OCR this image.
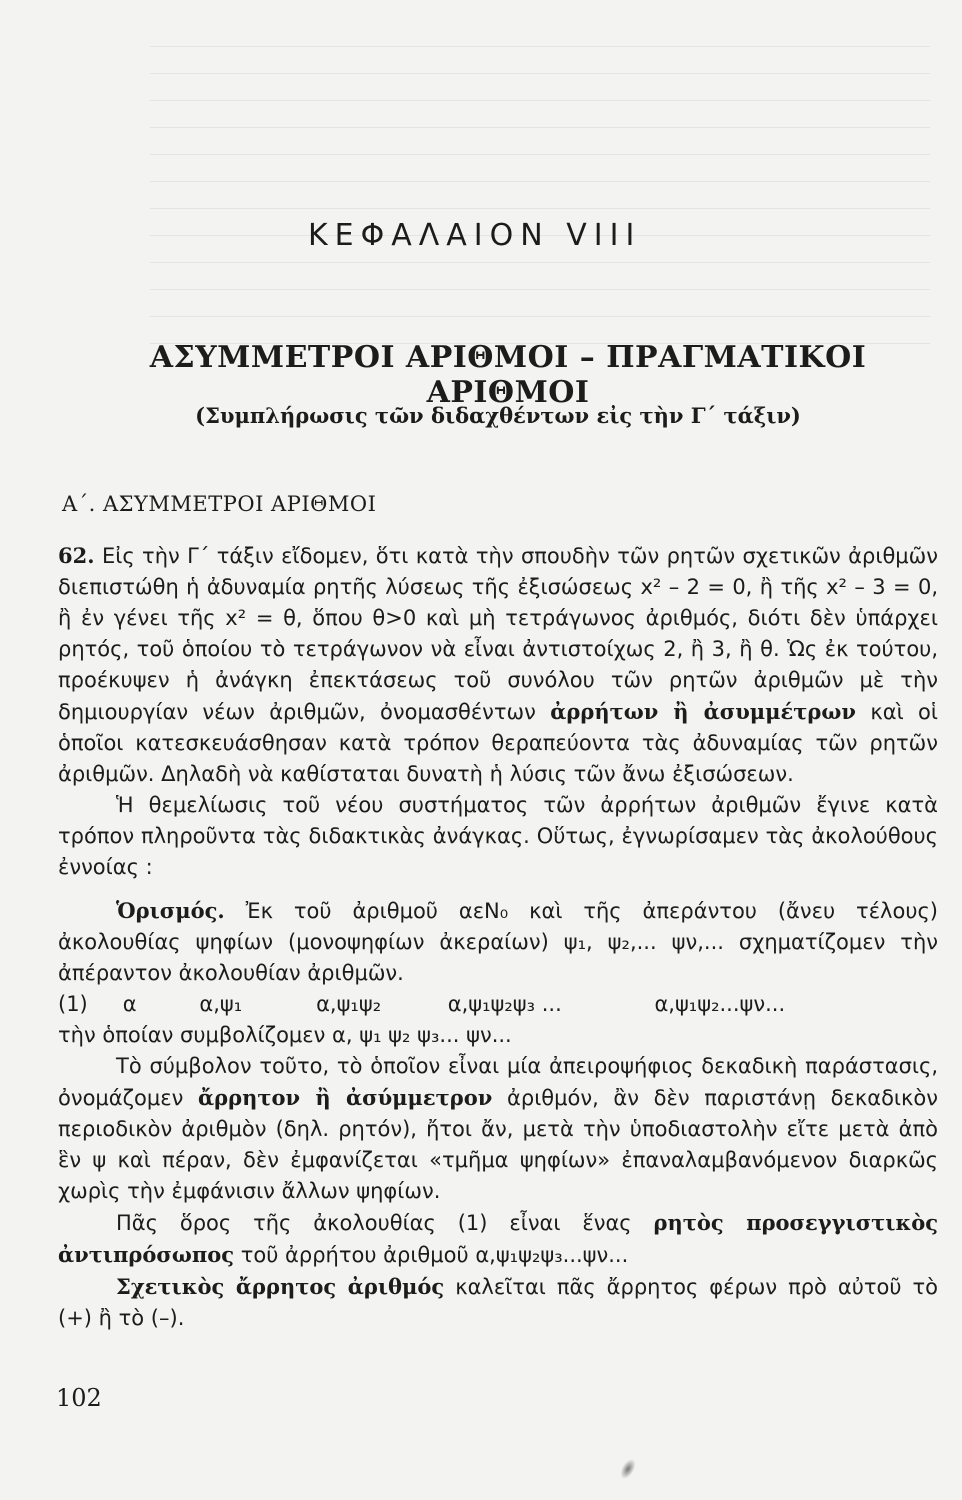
ΚΕΦΑΛΑΙΟΝ VIII
ΑΣΥΜΜΕΤΡΟΙ ΑΡΙΘΜΟΙ – ΠΡΑΓΜΑΤΙΚΟΙ ΑΡΙΘΜΟΙ
(Συμπλήρωσις τῶν διδαχθέντων εἰς τὴν Γ΄ τάξιν)
Α΄. ΑΣΥΜΜΕΤΡΟΙ ΑΡΙΘΜΟΙ

62. Εἰς τὴν Γ΄ τάξιν εἴδομεν, ὅτι κατὰ τὴν σπουδὴν τῶν ρητῶν σχετικῶν ἀριθμῶν διεπιστώθη ἡ ἀδυναμία ρητῆς λύσεως τῆς ἐξισώσεως x² – 2 = 0, ἢ τῆς x² – 3 = 0, ἢ ἐν γένει τῆς x² = θ, ὅπου θ>0 καὶ μὴ τετράγωνος ἀριθμός, διότι δὲν ὑπάρχει ρητός, τοῦ ὁποίου τὸ τετράγωνον νὰ εἶναι ἀντιστοίχως 2, ἢ 3, ἢ θ. Ὡς ἐκ τούτου, προέκυψεν ἡ ἀνάγκη ἐπεκτάσεως τοῦ συνόλου τῶν ρητῶν ἀριθμῶν μὲ τὴν δημιουργίαν νέων ἀριθμῶν, ὀνομασθέντων ἀρρήτων ἢ ἀσυμμέτρων καὶ οἱ ὁποῖοι κατεσκευάσθησαν κατὰ τρόπον θεραπεύοντα τὰς ἀδυναμίας τῶν ρητῶν ἀριθμῶν. Δηλαδὴ νὰ καθίσταται δυνατὴ ἡ λύσις τῶν ἄνω ἐξισώσεων.

Ἡ θεμελίωσις τοῦ νέου συστήματος τῶν ἀρρήτων ἀριθμῶν ἔγινε κατὰ τρόπον πληροῦντα τὰς διδακτικὰς ἀνάγκας. Οὕτως, ἐγνωρίσαμεν τὰς ἀκολούθους ἐννοίας :

Ὁρισμός. Ἐκ τοῦ ἀριθμοῦ αεN₀ καὶ τῆς ἀπεράντου (ἄνευ τέλους) ἀκολουθίας ψηφίων (μονοψηφίων ἀκεραίων) ψ₁, ψ₂,... ψν,... σχηματίζομεν τὴν ἀπέραντον ἀκολουθίαν ἀριθμῶν.

(1) α	α,ψ₁	α,ψ₁ψ₂	α,ψ₁ψ₂ψ₃ ...	α,ψ₁ψ₂...ψν...

τὴν ὁποίαν συμβολίζομεν α, ψ₁ ψ₂ ψ₃... ψν...

Τὸ σύμβολον τοῦτο, τὸ ὁποῖον εἶναι μία ἀπειροψήφιος δεκαδικὴ παράστασις, ὀνομάζομεν ἄρρητον ἢ ἀσύμμετρον ἀριθμόν, ἂν δὲν παριστάνῃ δεκαδικὸν περιοδικὸν ἀριθμὸν (δηλ. ρητόν), ἤτοι ἄν, μετὰ τὴν ὑποδιαστολὴν εἴτε μετὰ ἀπὸ ἓν ψ καὶ πέραν, δὲν ἐμφανίζεται «τμῆμα ψηφίων» ἐπαναλαμβανόμενον διαρκῶς χωρὶς τὴν ἐμφάνισιν ἄλλων ψηφίων.

Πᾶς ὅρος τῆς ἀκολουθίας (1) εἶναι ἕνας ρητὸς προσεγγιστικὸς ἀντιπρόσωπος τοῦ ἀρρήτου ἀριθμοῦ α,ψ₁ψ₂ψ₃...ψν...

Σχετικὸς ἄρρητος ἀριθμός καλεῖται πᾶς ἄρρητος φέρων πρὸ αὐτοῦ τὸ (+) ἢ τὸ (–).

102
